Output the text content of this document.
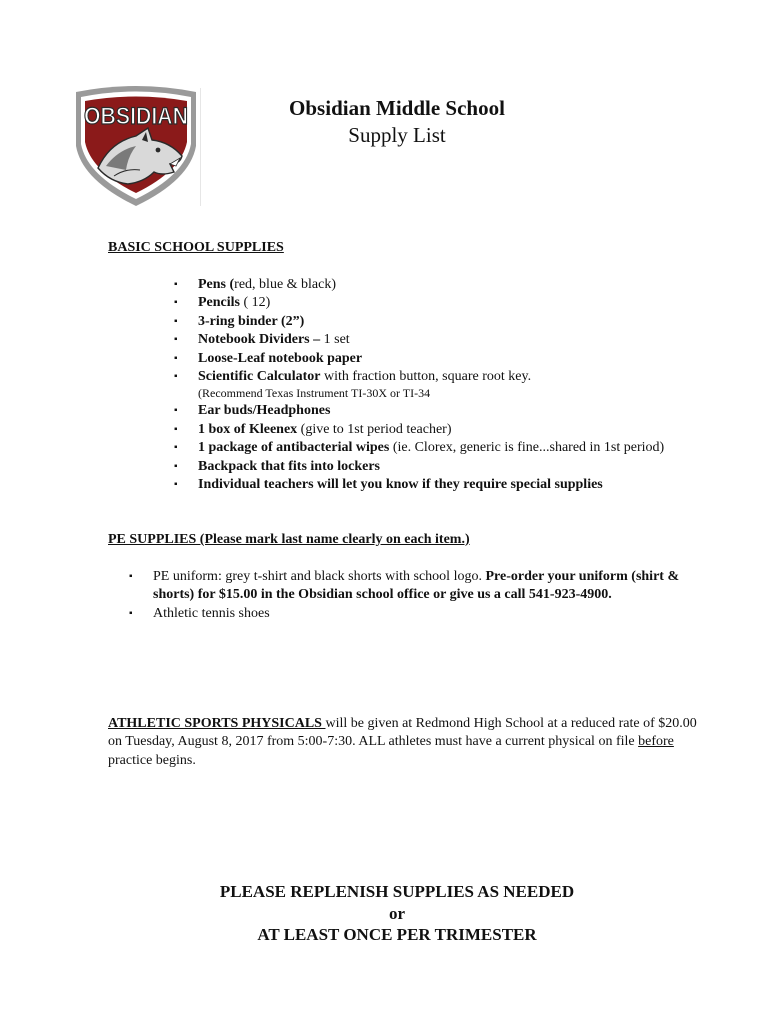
OBSIDIAN	Obsidian Middle School
Supply List
BASIC SCHOOL SUPPLIES
▪ Pens (red, blue & black)
▪ Pencils ( 12)
▪ 3-ring binder (2”)
▪ Notebook Dividers – 1 set
▪ Loose-Leaf notebook paper
▪ Scientific Calculator with fraction button, square root key.
(Recommend Texas Instrument TI-30X or TI-34
▪ Ear buds/Headphones
▪ 1 box of Kleenex (give to 1st period teacher)
▪ 1 package of antibacterial wipes (ie. Clorex, generic is fine...shared in 1st period)
▪ Backpack that fits into lockers
▪ Individual teachers will let you know if they require special supplies
PE SUPPLIES (Please mark last name clearly on each item.)
▪ PE uniform: grey t-shirt and black shorts with school logo. Pre-order your uniform (shirt & shorts) for $15.00 in the Obsidian school office or give us a call 541-923-4900.
▪ Athletic tennis shoes
ATHLETIC SPORTS PHYSICALS will be given at Redmond High School at a reduced rate of $20.00 on Tuesday, August 8, 2017 from 5:00-7:30. ALL athletes must have a current physical on file before practice begins.
PLEASE REPLENISH SUPPLIES AS NEEDED
or
AT LEAST ONCE PER TRIMESTER
